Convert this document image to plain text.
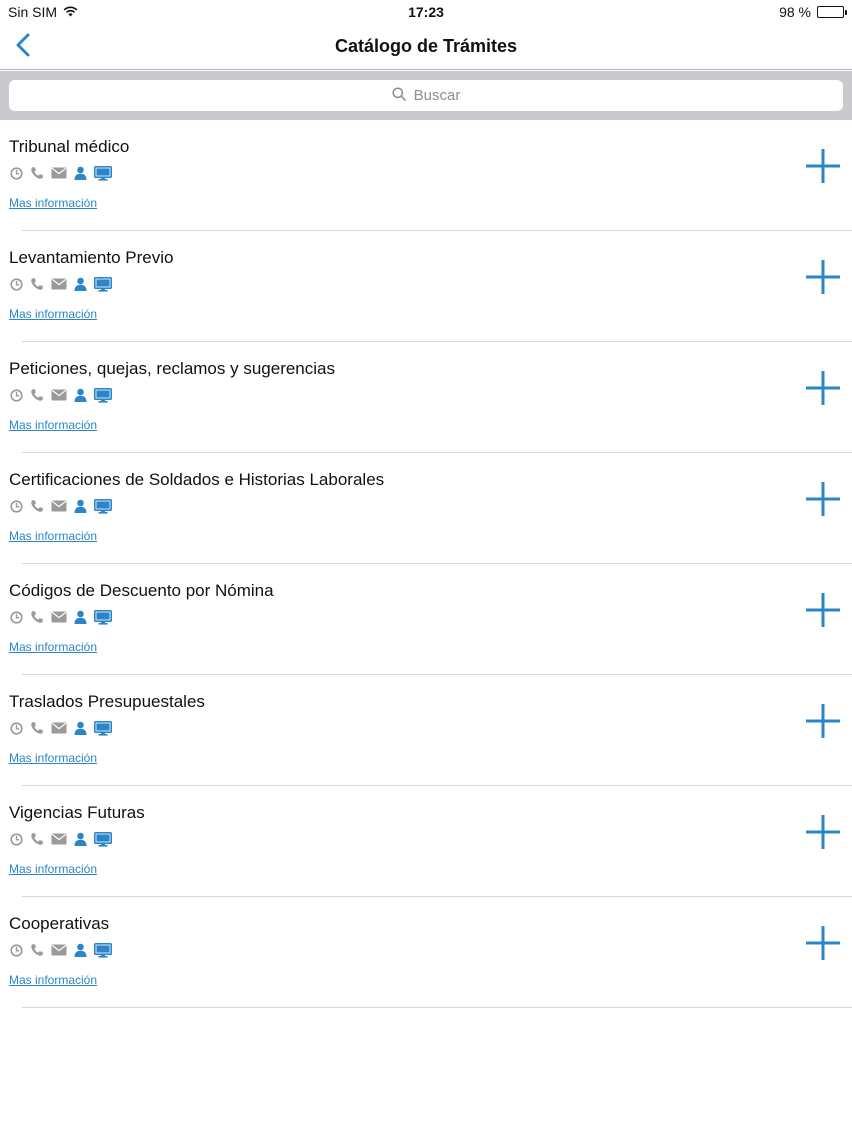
Sin SIM	17:23	98 %
Catálogo de Trámites
Buscar
Tribunal médico
Mas información
Levantamiento Previo
Mas información
Peticiones, quejas, reclamos y sugerencias
Mas información
Certificaciones de Soldados e Historias Laborales
Mas información
Códigos de Descuento por Nómina
Mas información
Traslados Presupuestales
Mas información
Vigencias Futuras
Mas información
Cooperativas
Mas información
